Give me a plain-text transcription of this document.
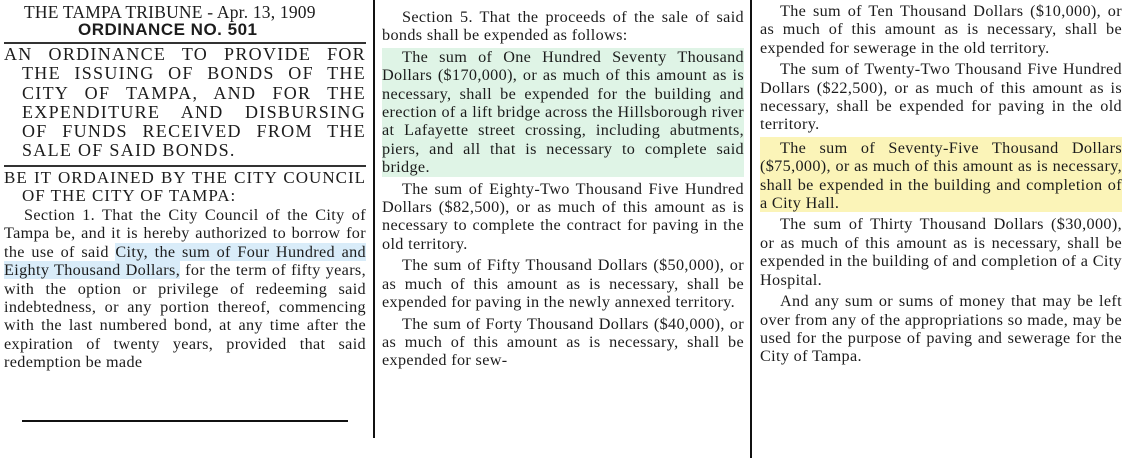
THE TAMPA TRIBUNE - Apr. 13, 1909
ORDINANCE NO. 501
AN ORDINANCE TO PROVIDE FOR THE ISSUING OF BONDS OF THE CITY OF TAMPA, AND FOR THE EXPENDITURE AND DISBURSING OF FUNDS RECEIVED FROM THE SALE OF SAID BONDS.
BE IT ORDAINED BY THE CITY COUNCIL OF THE CITY OF TAMPA:

Section 1. That the City Council of the City of Tampa be, and it is hereby authorized to borrow for the use of said City, the sum of Four Hundred and Eighty Thousand Dollars, for the term of fifty years, with the option or privilege of redeeming said indebtedness, or any portion thereof, commencing with the last numbered bond, at any time after the expiration of twenty years, provided that said redemption be made

Section 5. That the proceeds of the sale of said bonds shall be expended as follows:

The sum of One Hundred Seventy Thousand Dollars ($170,000), or as much of this amount as is necessary, shall be expended for the building and erection of a lift bridge across the Hillsborough river at Lafayette street crossing, including abutments, piers, and all that is necessary to complete said bridge.

The sum of Eighty-Two Thousand Five Hundred Dollars ($82,500), or as much of this amount as is necessary to complete the contract for paving in the old territory.

The sum of Fifty Thousand Dollars ($50,000), or as much of this amount as is necessary, shall be expended for paving in the newly annexed territory.

The sum of Forty Thousand Dollars ($40,000), or as much of this amount as is necessary, shall be expended for sew-

The sum of Ten Thousand Dollars ($10,000), or as much of this amount as is necessary, shall be expended for sewerage in the old territory.

The sum of Twenty-Two Thousand Five Hundred Dollars ($22,500), or as much of this amount as is necessary, shall be expended for paving in the old territory.

The sum of Seventy-Five Thousand Dollars ($75,000), or as much of this amount as is necessary, shall be expended in the building and completion of a City Hall.

The sum of Thirty Thousand Dollars ($30,000), or as much of this amount as is necessary, shall be expended in the building of and completion of a City Hospital.

And any sum or sums of money that may be left over from any of the appropriations so made, may be used for the purpose of paving and sewerage for the City of Tampa.
